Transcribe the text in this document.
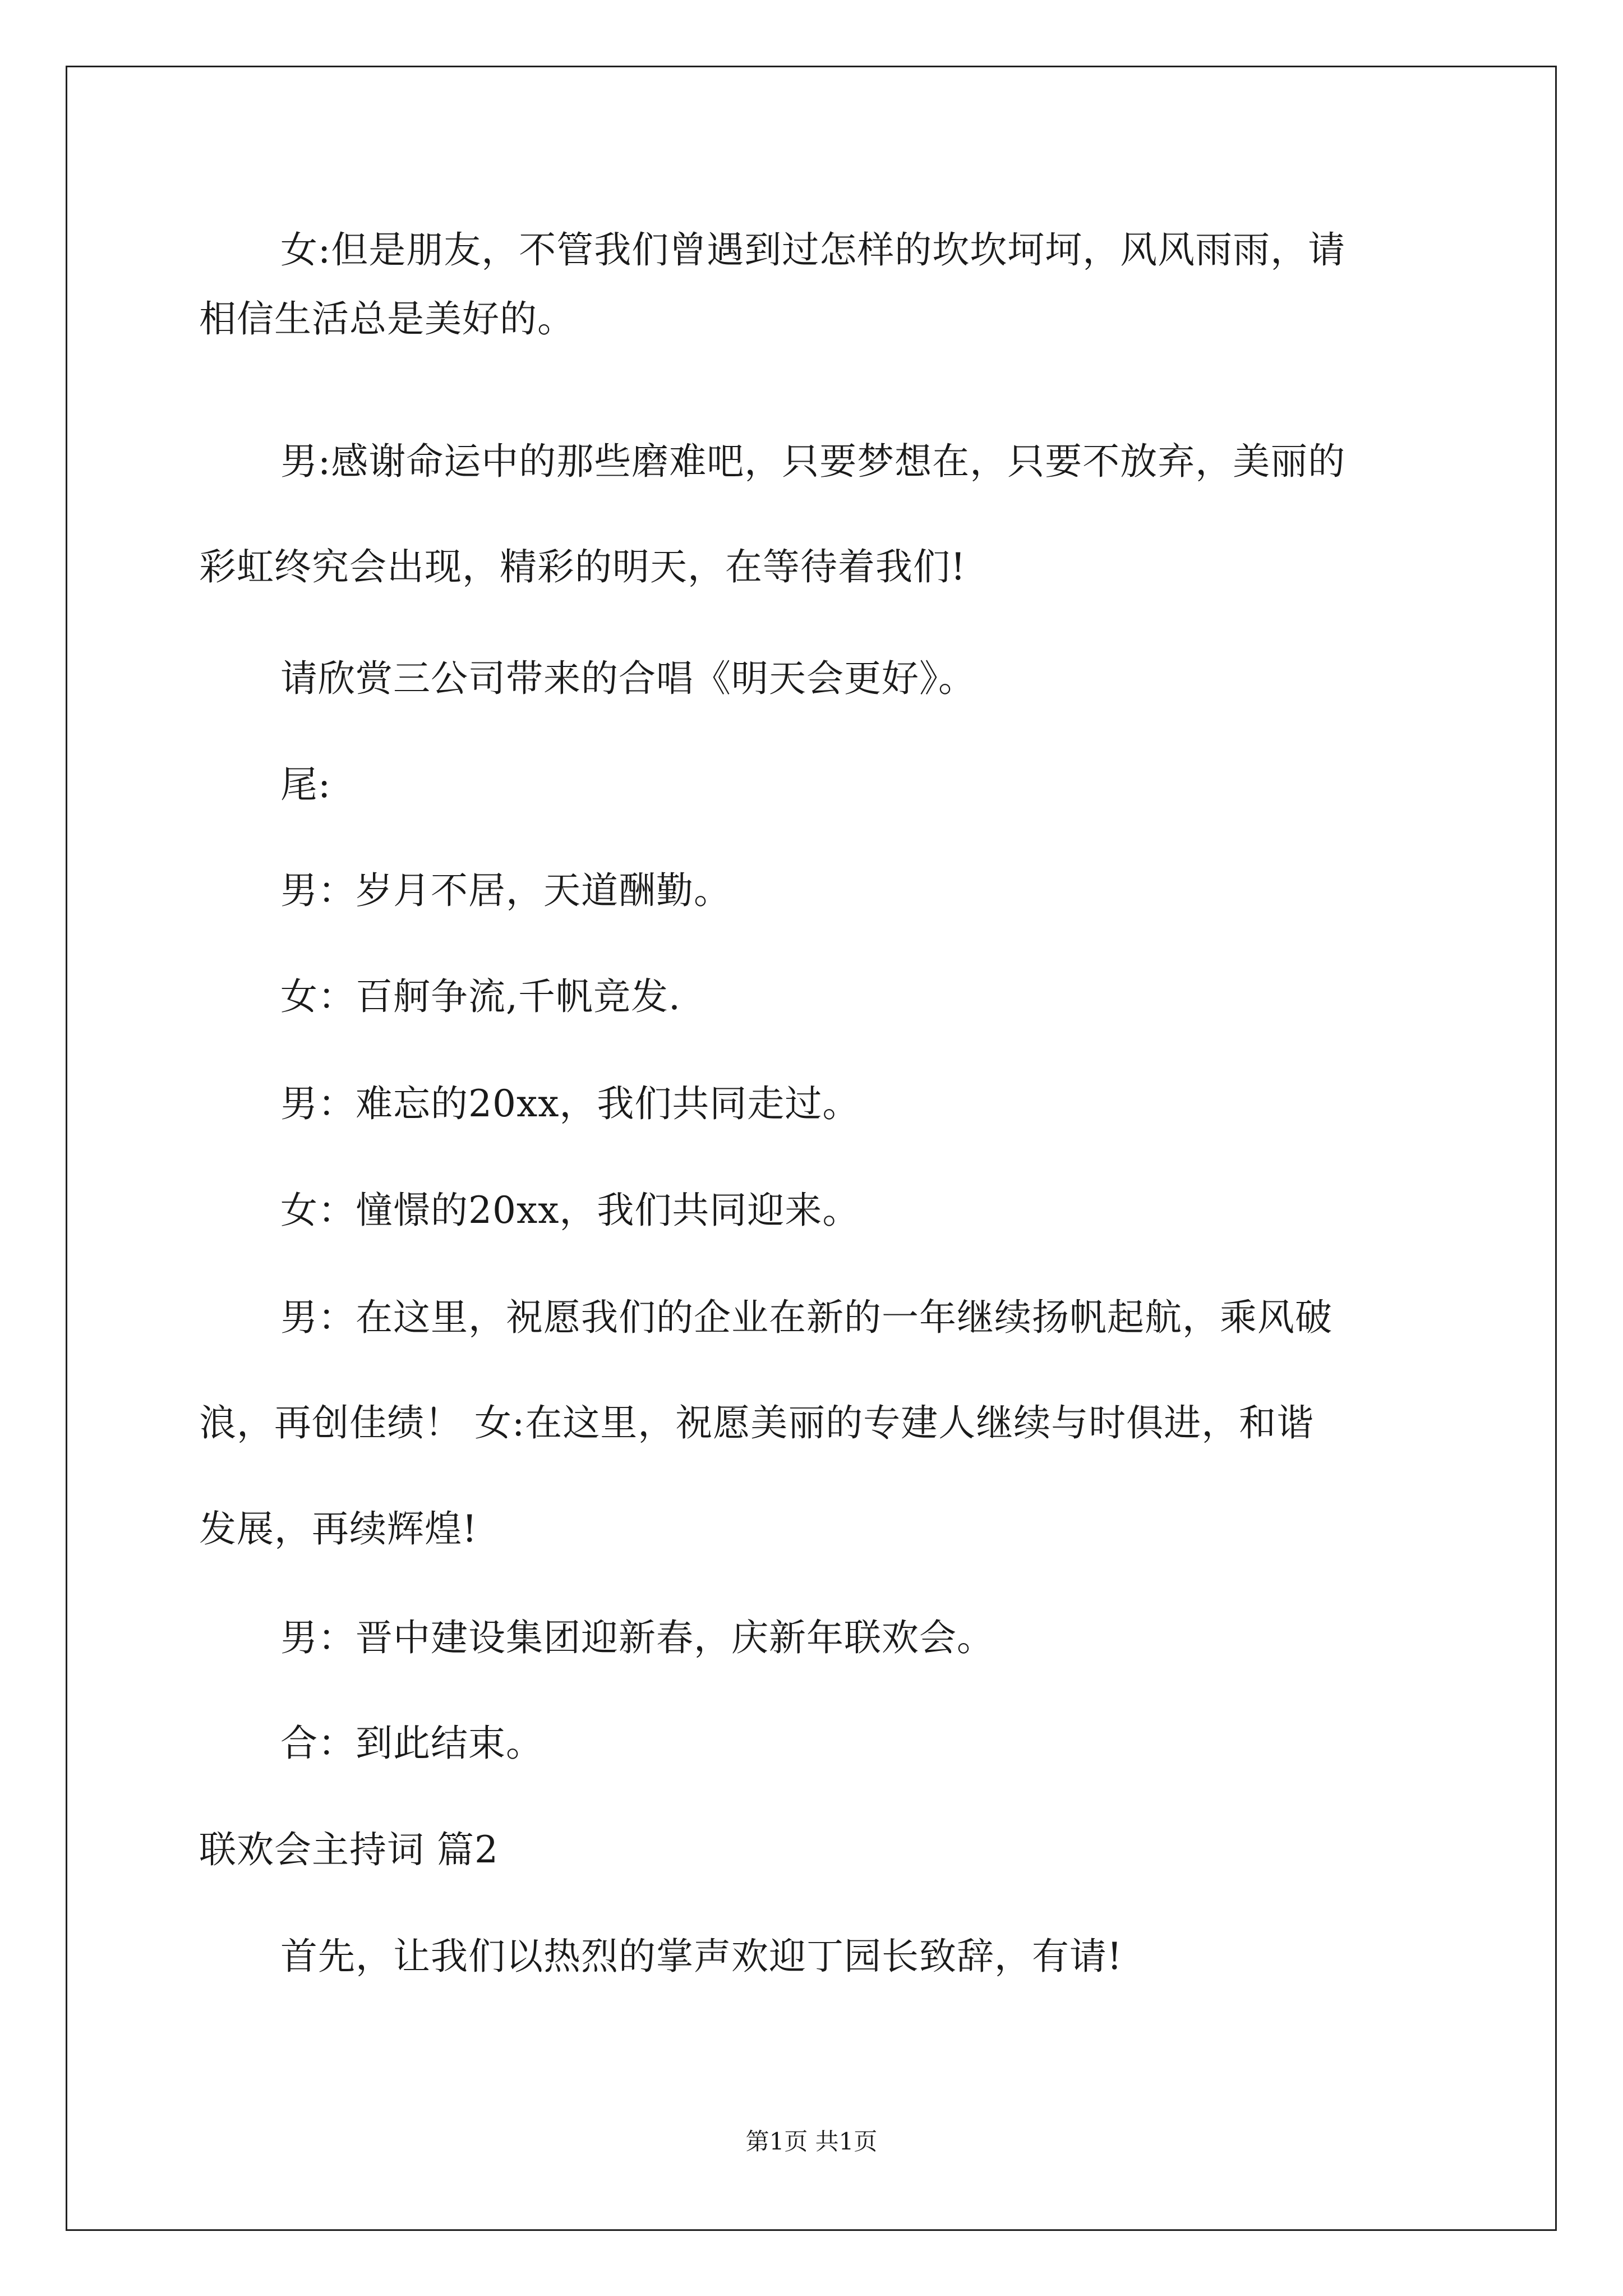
女:但是朋友，不管我们曾遇到过怎样的坎坎坷坷，风风雨雨，请
相信生活总是美好的。
男:感谢命运中的那些磨难吧，只要梦想在，只要不放弃，美丽的
彩虹终究会出现，精彩的明天，在等待着我们!
请欣赏三公司带来的合唱《明天会更好》。
尾:
男：岁月不居，天道酬勤。
女：百舸争流,千帆竞发.
男：难忘的20xx，我们共同走过。
女：憧憬的20xx，我们共同迎来。
男：在这里，祝愿我们的企业在新的一年继续扬帆起航，乘风破
浪，再创佳绩！ 女:在这里，祝愿美丽的专建人继续与时俱进，和谐
发展，再续辉煌!
男：晋中建设集团迎新春，庆新年联欢会。
合：到此结束。
联欢会主持词 篇2
首先，让我们以热烈的掌声欢迎丁园长致辞，有请!
第1页 共1页
